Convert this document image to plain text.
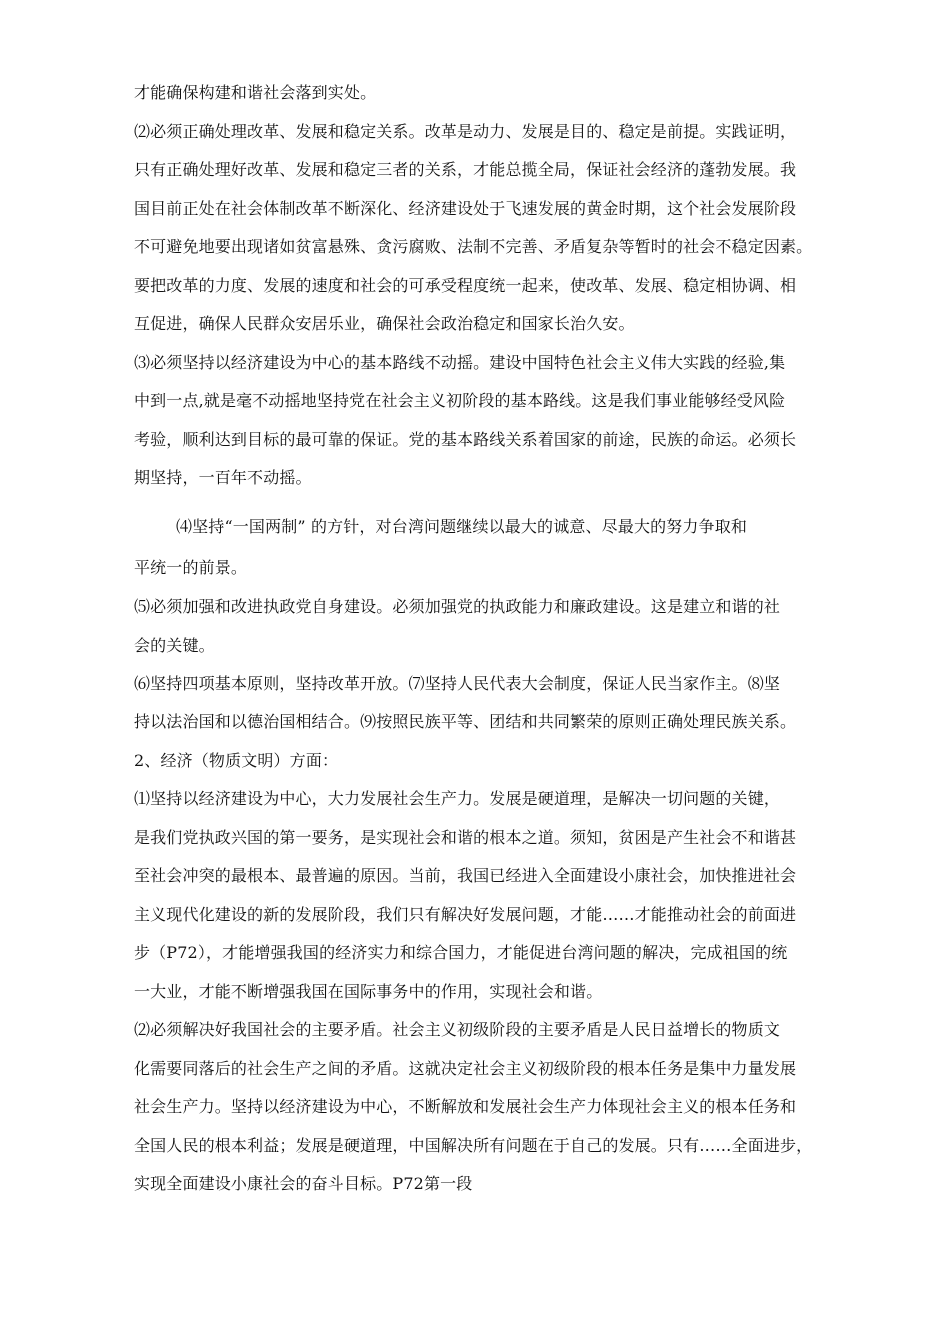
才能确保构建和谐社会落到实处。
⑵必须正确处理改革、发展和稳定关系。改革是动力、发展是目的、稳定是前提。实践证明，
只有正确处理好改革、发展和稳定三者的关系，才能总揽全局，保证社会经济的蓬勃发展。我
国目前正处在社会体制改革不断深化、经济建设处于飞速发展的黄金时期，这个社会发展阶段
不可避免地要出现诸如贫富悬殊、贪污腐败、法制不完善、矛盾复杂等暂时的社会不稳定因素。
要把改革的力度、发展的速度和社会的可承受程度统一起来，使改革、发展、稳定相协调、相
互促进，确保人民群众安居乐业，确保社会政治稳定和国家长治久安。
⑶必须坚持以经济建设为中心的基本路线不动摇。建设中国特色社会主义伟大实践的经验,集
中到一点,就是毫不动摇地坚持党在社会主义初阶段的基本路线。这是我们事业能够经受风险
考验，顺利达到目标的最可靠的保证。党的基本路线关系着国家的前途，民族的命运。必须长
期坚持，一百年不动摇。
⑷坚持“一国两制” 的方针，对台湾问题继续以最大的诚意、尽最大的努力争取和
平统一的前景。
⑸必须加强和改进执政党自身建设。必须加强党的执政能力和廉政建设。这是建立和谐的社
会的关键。
⑹坚持四项基本原则，坚持改革开放。⑺坚持人民代表大会制度，保证人民当家作主。⑻坚
持以法治国和以德治国相结合。⑼按照民族平等、团结和共同繁荣的原则正确处理民族关系。
2、经济（物质文明）方面：
⑴坚持以经济建设为中心，大力发展社会生产力。发展是硬道理，是解决一切问题的关键，
是我们党执政兴国的第一要务，是实现社会和谐的根本之道。须知，贫困是产生社会不和谐甚
至社会冲突的最根本、最普遍的原因。当前，我国已经进入全面建设小康社会，加快推进社会
主义现代化建设的新的发展阶段，我们只有解决好发展问题，才能……才能推动社会的前面进
步（P72），才能增强我国的经济实力和综合国力，才能促进台湾问题的解决，完成祖国的统
一大业，才能不断增强我国在国际事务中的作用，实现社会和谐。
⑵必须解决好我国社会的主要矛盾。社会主义初级阶段的主要矛盾是人民日益增长的物质文
化需要同落后的社会生产之间的矛盾。这就决定社会主义初级阶段的根本任务是集中力量发展
社会生产力。坚持以经济建设为中心，不断解放和发展社会生产力体现社会主义的根本任务和
全国人民的根本利益；发展是硬道理，中国解决所有问题在于自己的发展。只有……全面进步，
实现全面建设小康社会的奋斗目标。P72第一段
